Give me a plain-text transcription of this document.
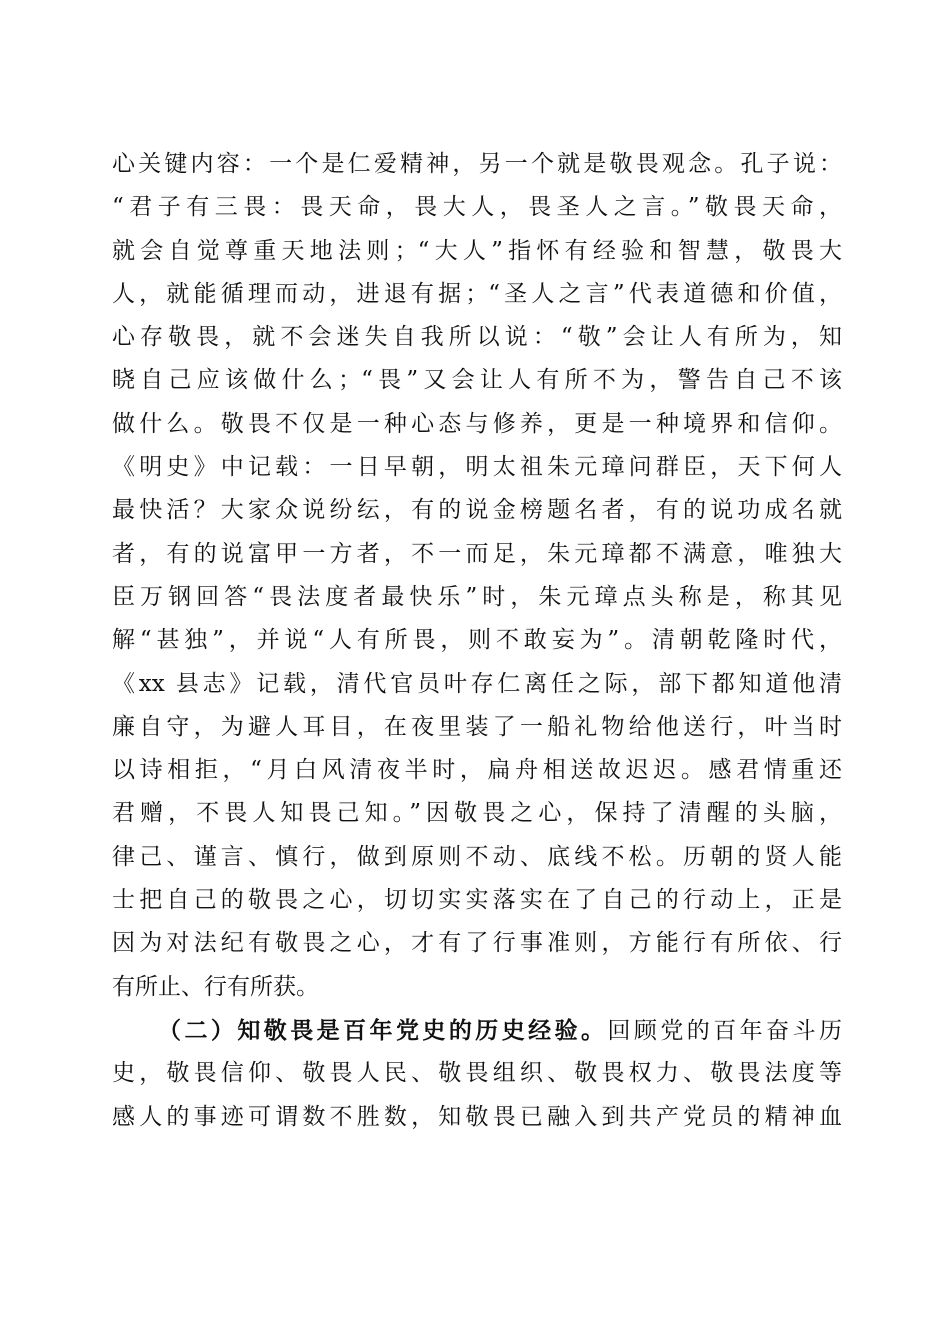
心关键内容：一个是仁爱精神，另一个就是敬畏观念。孔子说：
“君子有三畏：畏天命，畏大人，畏圣人之言。”敬畏天命，
就会自觉尊重天地法则；“大人”指怀有经验和智慧，敬畏大
人，就能循理而动，进退有据；“圣人之言”代表道德和价值，
心存敬畏，就不会迷失自我所以说：“敬”会让人有所为，知
晓自己应该做什么；“畏”又会让人有所不为，警告自己不该
做什么。敬畏不仅是一种心态与修养，更是一种境界和信仰。
《明史》中记载：一日早朝，明太祖朱元璋问群臣，天下何人
最快活？大家众说纷纭，有的说金榜题名者，有的说功成名就
者，有的说富甲一方者，不一而足，朱元璋都不满意，唯独大
臣万钢回答“畏法度者最快乐”时，朱元璋点头称是，称其见
解“甚独”，并说“人有所畏，则不敢妄为”。清朝乾隆时代，
《xx 县志》记载，清代官员叶存仁离任之际，部下都知道他清
廉自守，为避人耳目，在夜里装了一船礼物给他送行，叶当时
以诗相拒，“月白风清夜半时，扁舟相送故迟迟。感君情重还
君赠，不畏人知畏己知。”因敬畏之心，保持了清醒的头脑，
律己、谨言、慎行，做到原则不动、底线不松。历朝的贤人能
士把自己的敬畏之心，切切实实落实在了自己的行动上，正是
因为对法纪有敬畏之心，才有了行事准则，方能行有所依、行
有所止、行有所获。
（二）知敬畏是百年党史的历史经验。回顾党的百年奋斗历
史，敬畏信仰、敬畏人民、敬畏组织、敬畏权力、敬畏法度等
感人的事迹可谓数不胜数，知敬畏已融入到共产党员的精神血
